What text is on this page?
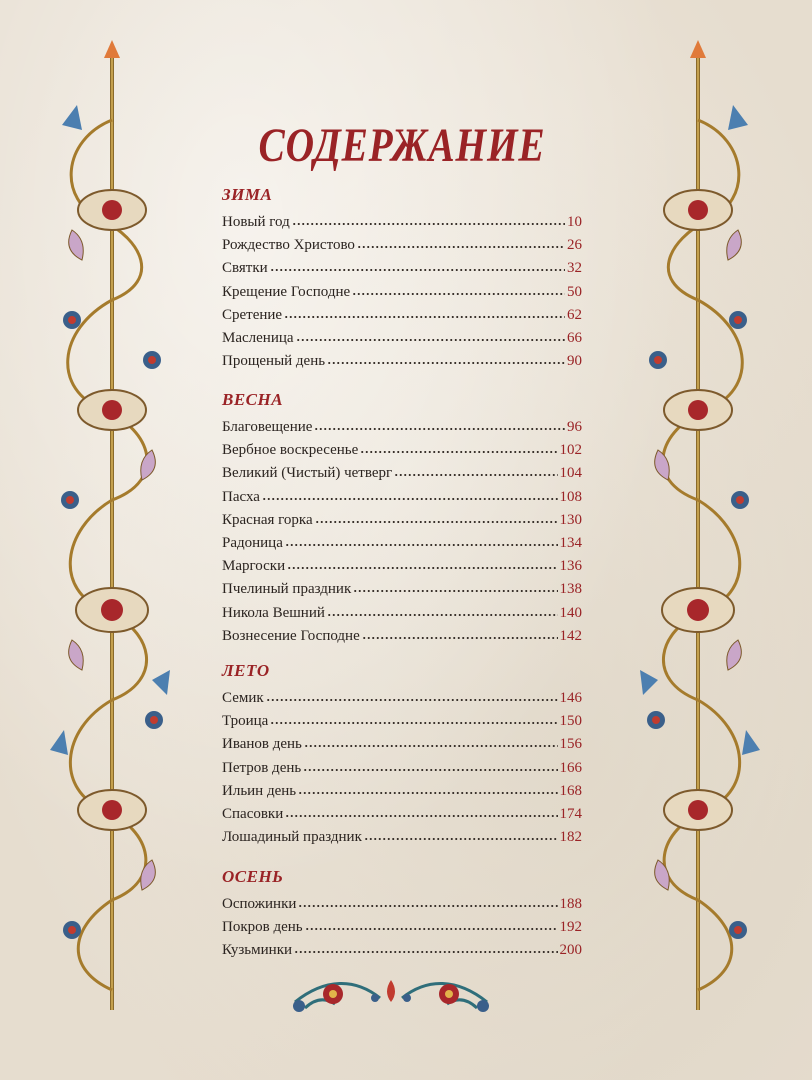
СОДЕРЖАНИЕ
ЗИМА
Новый год	10
Рождество Христово	26
Святки	32
Крещение Господне	50
Сретение	62
Масленица	66
Прощеный день	90
ВЕСНА
Благовещение	96
Вербное воскресенье	102
Великий (Чистый) четверг	104
Пасха	108
Красная горка	130
Радоница	134
Маргоски	136
Пчелиный праздник	138
Никола Вешний	140
Вознесение Господне	142
ЛЕТО
Семик	146
Троица	150
Иванов день	156
Петров день	166
Ильин день	168
Спасовки	174
Лошадиный праздник	182
ОСЕНЬ
Оспожинки	188
Покров день	192
Кузьминки	200
